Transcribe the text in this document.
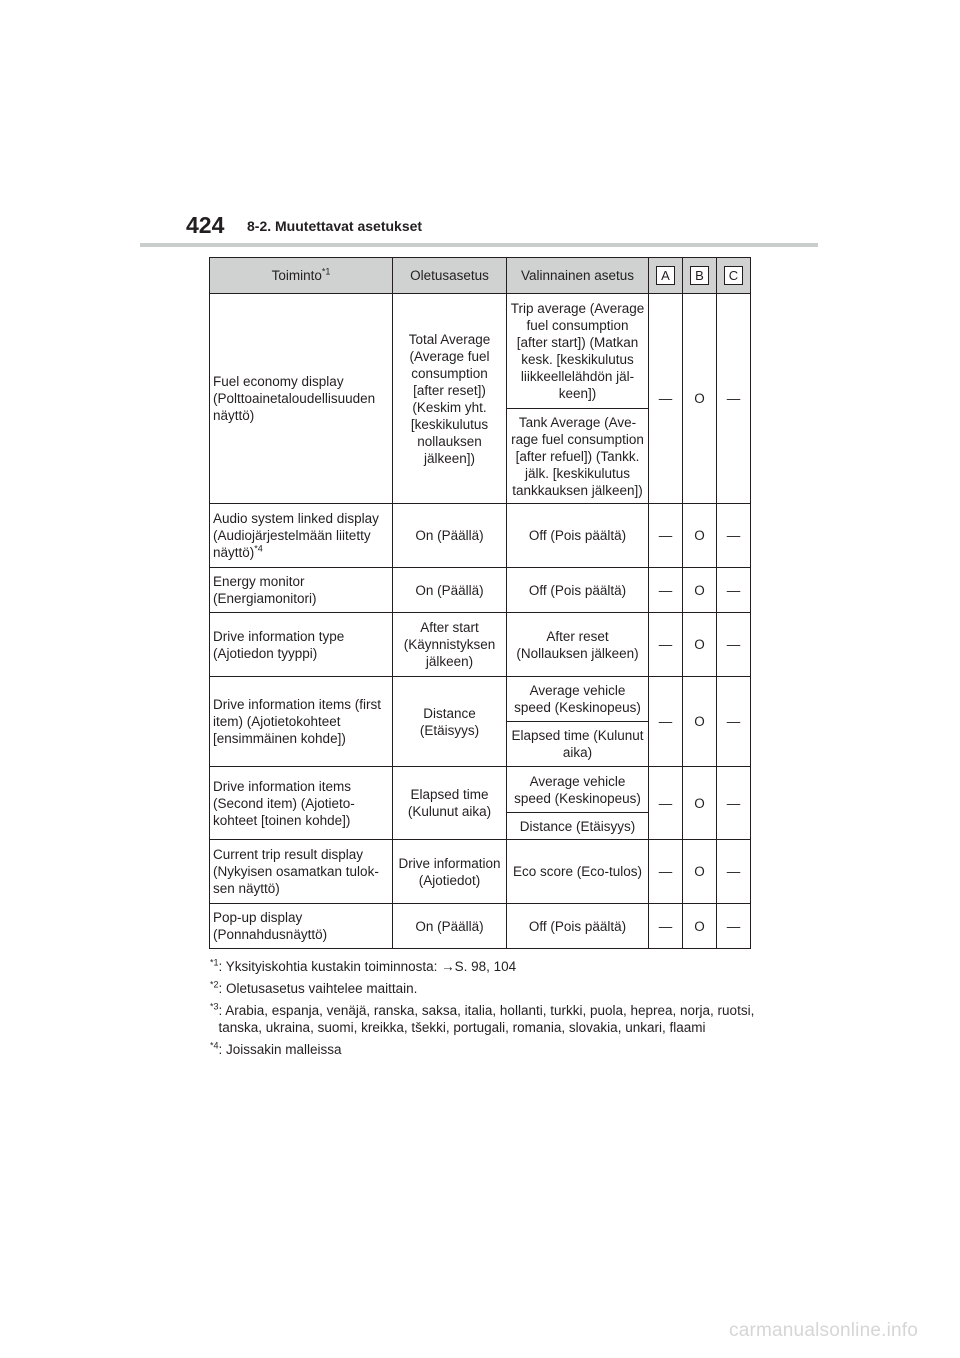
424 8-2. Muutettavat asetukset
Toiminto$^{*1}$	Oletusasetus	Valinnainen asetus	A	B	C
Fuel economy display (Polttoainetaloudellisuuden näyttö)	Total Average (Average fuel consumption [after reset]) (Keskim yht. [keskikulutus nollauksen jälkeen])	Trip average (Average fuel consumption [after start]) (Matkan kesk. [keskikulutus liikkeellelähdön jäl-keen])	—	O	—
		Tank Average (Ave-rage fuel consumption [after refuel]) (Tankk. jälk. [keskikulutus tankkauksen jälkeen])			
Audio system linked display (Audiojärjestelmään liitetty näyttö)$^{*4}$	On (Päällä)	Off (Pois päältä)	—	O	—
Energy monitor (Energiamonitori)	On (Päällä)	Off (Pois päältä)	—	O	—
Drive information type (Ajotiedon tyyppi)	After start (Käynnistyksen jälkeen)	After reset (Nollauksen jälkeen)	—	O	—
Drive information items (first item) (Ajotietokohteet [ensimmäinen kohde])	Distance (Etäisyys)	Average vehicle speed (Keskinopeus)	—	O	—
		Elapsed time (Kulunut aika)			
Drive information items (Second item) (Ajotieto-kohteet [toinen kohde])	Elapsed time (Kulunut aika)	Average vehicle speed (Keskinopeus)	—	O	—
		Distance (Etäisyys)			
Current trip result display (Nykyisen osamatkan tulok-sen näyttö)	Drive information (Ajotiedot)	Eco score (Eco-tulos)	—	O	—
Pop-up display (Ponnahdusnäyttö)	On (Päällä)	Off (Pois päältä)	—	O	—
$^{*1}$ : Yksityiskohtia kustakin toiminnosta: →S. 98, 104
$^{*2}$ : Oletusasetus vaihtelee maittain.
$^{*3}$ : Arabia, espanja, venäjä, ranska, saksa, italia, hollanti, turkki, puola, heprea, norja, ruotsi, tanska, ukraina, suomi, kreikka, tšekki, portugali, romania, slovakia, unkari, flaami
$^{*4}$ : Joissakin malleissa
carmanualsonline.info
